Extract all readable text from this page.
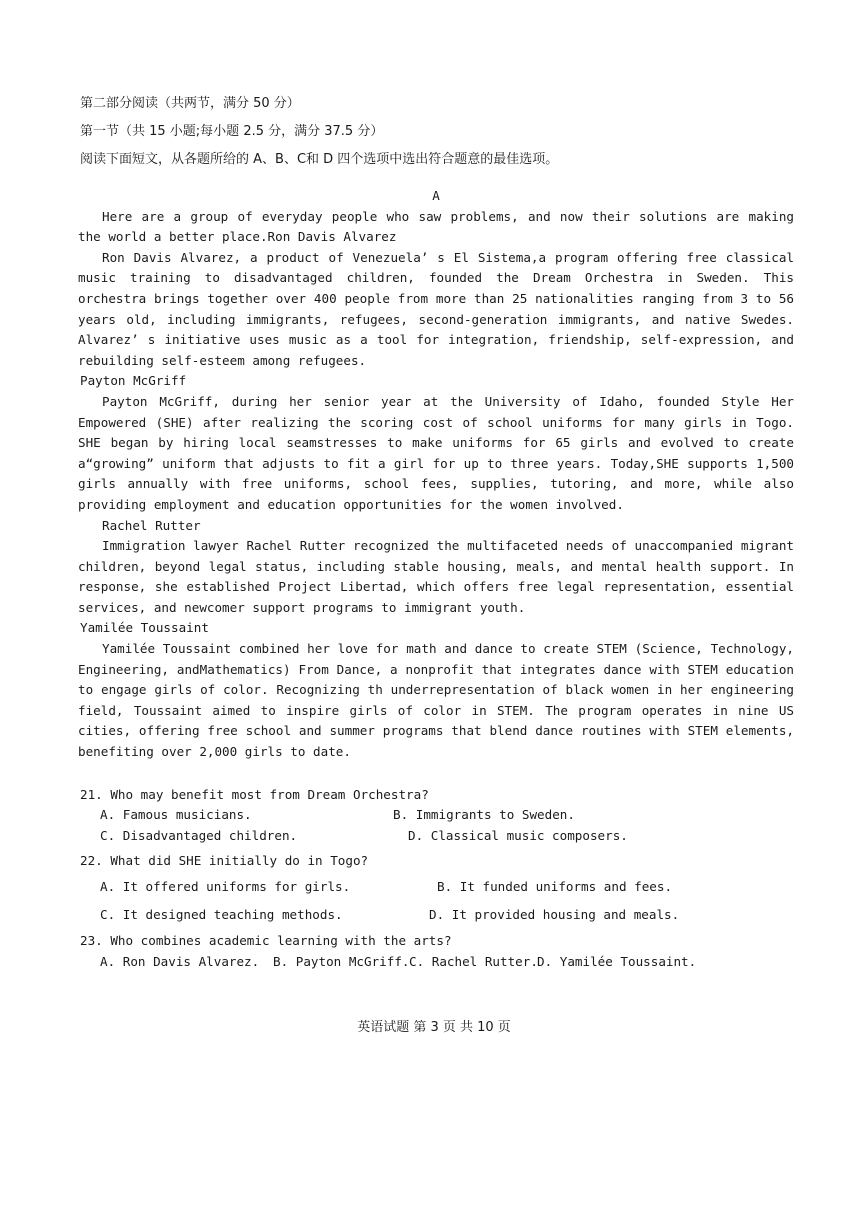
第二部分阅读（共两节，满分 50 分）
第一节（共 15 小题;每小题 2.5 分，满分 37.5 分）
阅读下面短文，从各题所给的 A、B、C和 D 四个选项中选出符合题意的最佳选项。

A

Here are a group of everyday people who saw problems, and now their solutions are making the world a better place.Ron Davis Alvarez

Ron Davis Alvarez, a product of Venezuela’ s El Sistema,a program offering free classical music training to disadvantaged children, founded the Dream Orchestra in Sweden. This orchestra brings together over 400 people from more than 25 nationalities ranging from 3 to 56 years old, including immigrants, refugees, second-generation immigrants, and native Swedes. Alvarez’ s initiative uses music as a tool for integration, friendship, self-expression, and rebuilding self-esteem among refugees.

Payton McGriff

Payton McGriff, during her senior year at the University of Idaho, founded Style Her Empowered (SHE) after realizing the scoring cost of school uniforms for many girls in Togo. SHE began by hiring local seamstresses to make uniforms for 65 girls and evolved to create a“growing” uniform that adjusts to fit a girl for up to three years. Today,SHE supports 1,500 girls annually with free uniforms, school fees, supplies, tutoring, and more, while also providing employment and education opportunities for the women involved.

Rachel Rutter

Immigration lawyer Rachel Rutter recognized the multifaceted needs of unaccompanied migrant children, beyond legal status, including stable housing, meals, and mental health support. In response, she established Project Libertad, which offers free legal representation, essential services, and newcomer support programs to immigrant youth.

Yamilée Toussaint

Yamilée Toussaint combined her love for math and dance to create STEM (Science, Technology, Engineering, andMathematics) From Dance, a nonprofit that integrates dance with STEM education to engage girls of color. Recognizing th underrepresentation of black women in her engineering field, Toussaint aimed to inspire girls of color in STEM. The program operates in nine US cities, offering free school and summer programs that blend dance routines with STEM elements, benefiting over 2,000 girls to date.

21. Who may benefit most from Dream Orchestra?
A. Famous musicians.	B. Immigrants to Sweden.
C. Disadvantaged children.	D. Classical music composers.
22. What did SHE initially do in Togo?
A. It offered uniforms for girls.	B. It funded uniforms and fees.
C. It designed teaching methods.	D. It provided housing and meals.
23. Who combines academic learning with the arts?
A. Ron Davis Alvarez. B. Payton McGriff. C. Rachel Rutter. D. Yamilée Toussaint.
英语试题 第 3 页 共 10 页
